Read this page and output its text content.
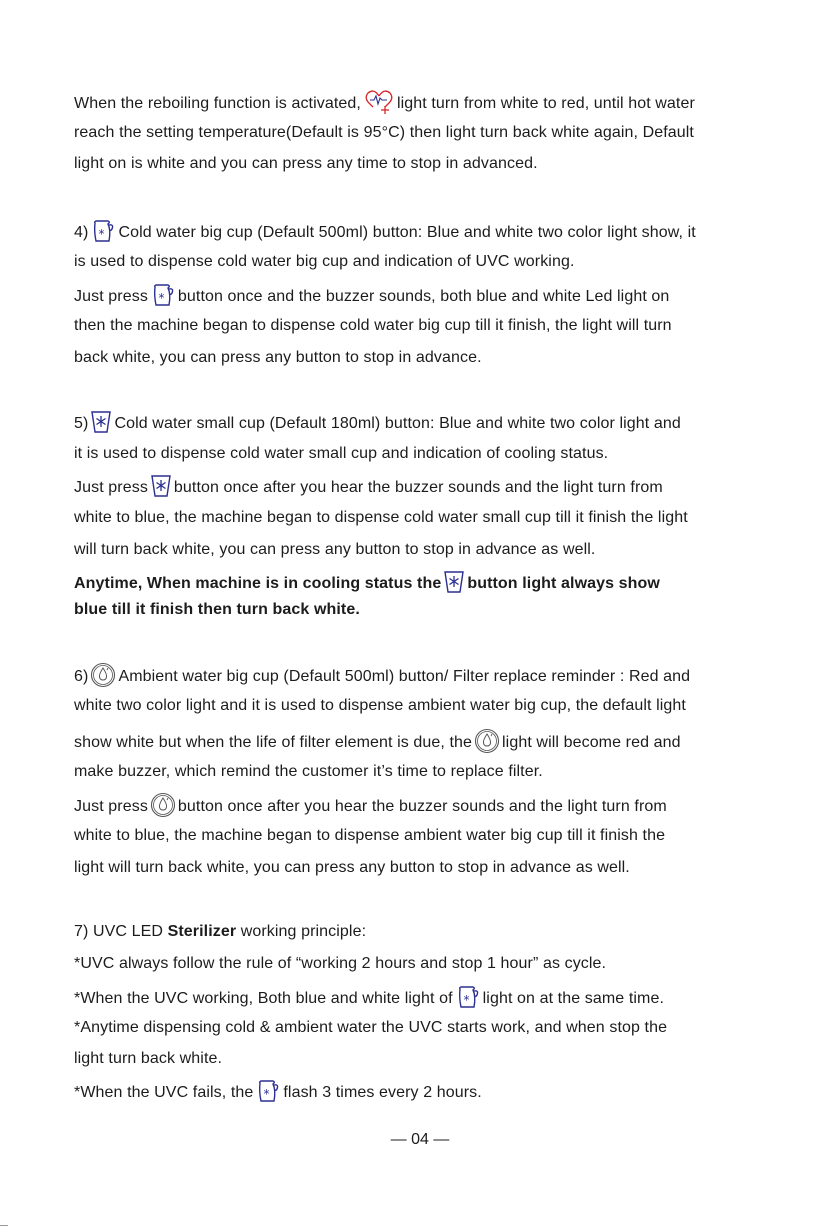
When the reboiling function is activated, light turn from white to red, until hot water
reach the setting temperature(Default is 95°C) then light turn back white again, Default
light on is white and you can press any time to stop in advanced.
4) Cold water big cup (Default 500ml) button: Blue and white two color light show, it
is used to dispense cold water big cup and indication of UVC working.
Just press button once and the buzzer sounds, both blue and white Led light on
then the machine began to dispense cold water big cup till it finish, the light will turn
back white, you can press any button to stop in advance.
5) Cold water small cup (Default 180ml) button: Blue and white two color light and
it is used to dispense cold water small cup and indication of cooling status.
Just press button once after you hear the buzzer sounds and the light turn from
white to blue, the machine began to dispense cold water small cup till it finish the light
will turn back white, you can press any button to stop in advance as well.
Anytime, When machine is in cooling status the button light always show
blue till it finish then turn back white.
6) Ambient water big cup (Default 500ml) button/ Filter replace reminder : Red and
white two color light and it is used to dispense ambient water big cup, the default light
show white but when the life of filter element is due, the light will become red and
make buzzer, which remind the customer it’s time to replace filter.
Just press button once after you hear the buzzer sounds and the light turn from
white to blue, the machine began to dispense ambient water big cup till it finish the
light will turn back white, you can press any button to stop in advance as well.
7) UVC LED Sterilizer working principle:
*UVC always follow the rule of “working 2 hours and stop 1 hour” as cycle.
*When the UVC working, Both blue and white light of light on at the same time.
*Anytime dispensing cold & ambient water the UVC starts work, and when stop the
light turn back white.
*When the UVC fails, the flash 3 times every 2 hours.
— 04 —
